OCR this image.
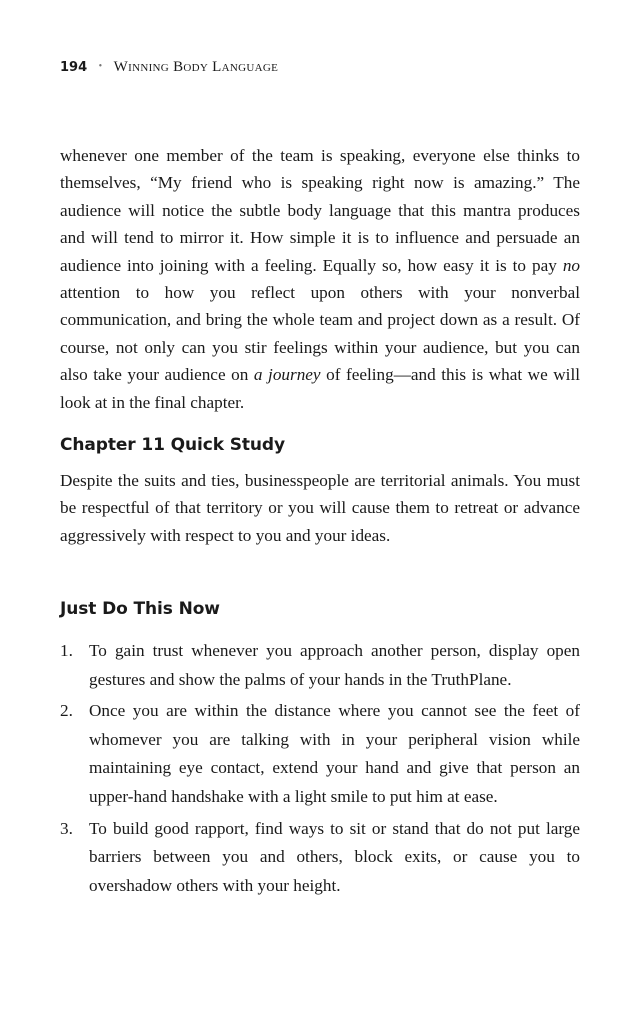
194 • Winning Body Language

whenever one member of the team is speaking, everyone else thinks to themselves, “My friend who is speaking right now is amazing.” The audience will notice the subtle body language that this mantra produces and will tend to mirror it. How simple it is to influence and persuade an audience into joining with a feeling. Equally so, how easy it is to pay no attention to how you reflect upon others with your nonverbal communication, and bring the whole team and project down as a result. Of course, not only can you stir feelings within your audience, but you can also take your audience on a journey of feeling—and this is what we will look at in the final chapter.

Chapter 11 Quick Study

Despite the suits and ties, businesspeople are territorial animals. You must be respectful of that territory or you will cause them to retreat or advance aggressively with respect to you and your ideas.

Just Do This Now
1. To gain trust whenever you approach another person, display open gestures and show the palms of your hands in the TruthPlane.
2. Once you are within the distance where you cannot see the feet of whomever you are talking with in your peripheral vision while maintaining eye contact, extend your hand and give that person an upper-hand handshake with a light smile to put him at ease.
3. To build good rapport, find ways to sit or stand that do not put large barriers between you and others, block exits, or cause you to overshadow others with your height.
